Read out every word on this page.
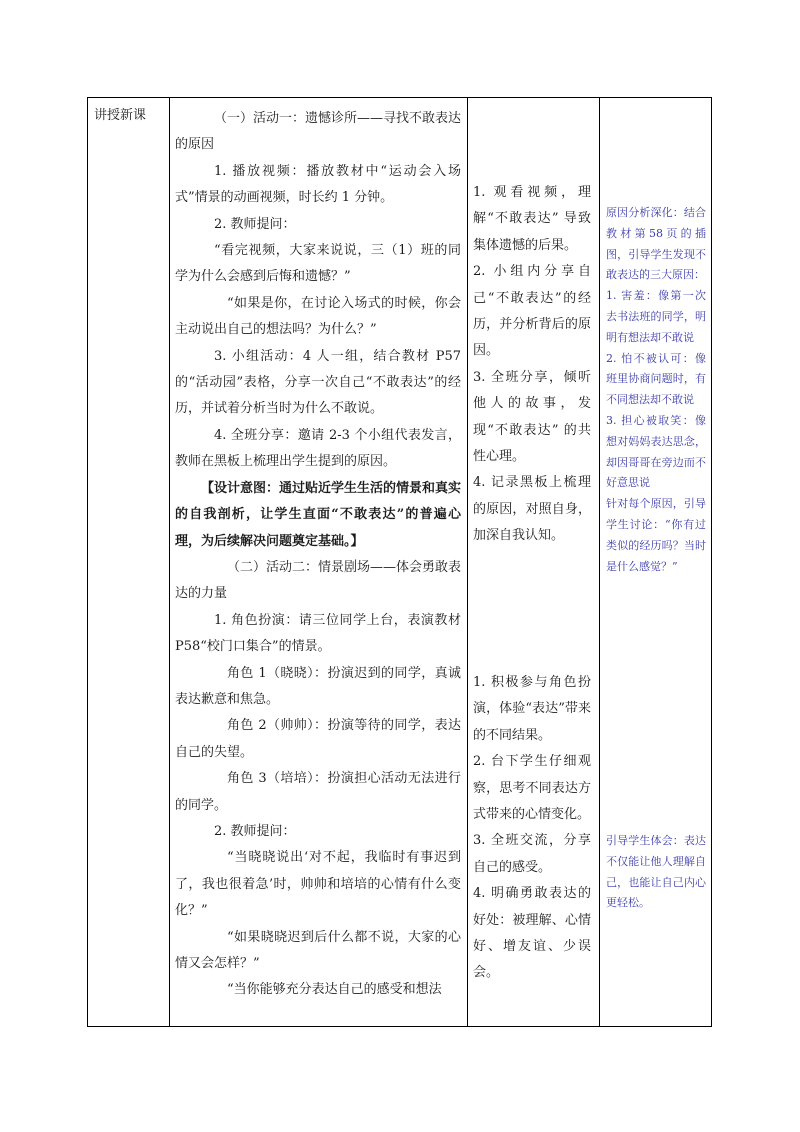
讲授新课	（一）活动一：遗憾诊所——寻找不敢表达的原因

1. 播放视频：播放教材中“运动会入场式”情景的动画视频，时长约 1 分钟。

2. 教师提问：

“看完视频，大家来说说，三（1）班的同学为什么会感到后悔和遗憾？”

“如果是你，在讨论入场式的时候，你会主动说出自己的想法吗？为什么？”

3. 小组活动：4 人一组，结合教材 P57 的“活动园”表格，分享一次自己“不敢表达”的经历，并试着分析当时为什么不敢说。

4. 全班分享：邀请 2-3 个小组代表发言，教师在黑板上梳理出学生提到的原因。

【设计意图：通过贴近学生生活的情景和真实的自我剖析，让学生直面“不敢表达”的普遍心理，为后续解决问题奠定基础。】

（二）活动二：情景剧场——体会勇敢表达的力量

1. 角色扮演：请三位同学上台，表演教材 P58“校门口集合”的情景。

角色 1（晓晓）：扮演迟到的同学，真诚表达歉意和焦急。

角色 2（帅帅）：扮演等待的同学，表达自己的失望。

角色 3（培培）：扮演担心活动无法进行的同学。

2. 教师提问：

“当晓晓说出‘对不起，我临时有事迟到了，我也很着急’时，帅帅和培培的心情有什么变化？”

“如果晓晓迟到后什么都不说，大家的心情又会怎样？”

“当你能够充分表达自己的感受和想法

1. 观看视频，理解“不敢表达” 导致集体遗憾的后果。

2. 小组内分享自己“不敢表达”的经历，并分析背后的原因。

3. 全班分享，倾听他人的故事，发现“不敢表达” 的共性心理。

4. 记录黑板上梳理的原因，对照自身，加深自我认知。

1. 积极参与角色扮演，体验“表达”带来的不同结果。

2. 台下学生仔细观察，思考不同表达方式带来的心情变化。

3. 全班交流，分享自己的感受。

4. 明确勇敢表达的好处：被理解、心情好、增友谊、少误会。

原因分析深化：结合教材第58页的插图，引导学生发现不敢表达的三大原因：

1. 害羞：像第一次去书法班的同学，明明有想法却不敢说

2. 怕不被认可：像班里协商问题时，有不同想法却不敢说

3. 担心被取笑：像想对妈妈表达思念，却因哥哥在旁边而不好意思说

针对每个原因，引导学生讨论：“你有过类似的经历吗？当时是什么感觉？”

引导学生体会：表达不仅能让他人理解自己，也能让自己内心更轻松。
